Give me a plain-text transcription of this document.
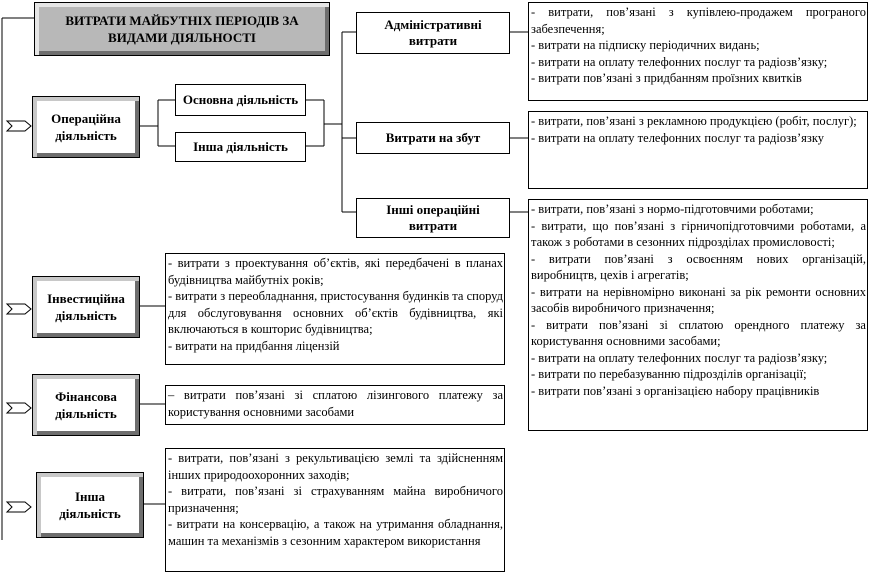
ВИТРАТИ МАЙБУТНІХ ПЕРІОДІВ ЗА ВИДАМИ ДІЯЛЬНОСТІ
Операційна діяльність
Інвестиційна діяльність
Фінансова діяльність
Інша діяльність
Основна діяльність
Інша діяльність
Адміністративні витрати
Витрати на збут
Інші операційні витрати
- витрати, пов’язані з купівлею-продажем програного забезпечення;
- витрати на підписку періодичних видань;
- витрати на оплату телефонних послуг та радіозв’язку;
- витрати пов’язані з придбанням проїзних квитків
- витрати, пов’язані з рекламною продукцією (робіт, послуг);
- витрати на оплату телефонних послуг та радіозв’язку
- витрати, пов’язані з нормо-підготовчими роботами;
- витрати, що пов’язані з гірничопідготовчими роботами, а також з роботами в сезонних підрозділах промисловості;
- витрати пов’язані з освоєнням нових організацій, виробництв, цехів і агрегатів;
- витрати на нерівномірно виконані за рік ремонти основних засобів виробничого призначення;
- витрати пов’язані зі сплатою орендного платежу за користування основними засобами;
- витрати на оплату телефонних послуг та радіозв’язку;
- витрати по перебазуванню підрозділів організації;
- витрати пов’язані з організацією набору працівників
- витрати з проектування об’єктів, які передбачені в планах будівництва майбутніх років;
- витрати з переобладнання, пристосування будинків та споруд для обслуговування основних об’єктів будівництва, які включаються в кошторис будівництва;
- витрати на придбання ліцензій
– витрати пов’язані зі сплатою лізингового платежу за користування основними засобами
- витрати, пов’язані з рекультивацією землі та здійсненням інших природоохоронних заходів;
- витрати, пов’язані зі страхуванням майна виробничого призначення;
- витрати на консервацію, а також на утримання обладнання, машин та механізмів з сезонним характером використання
